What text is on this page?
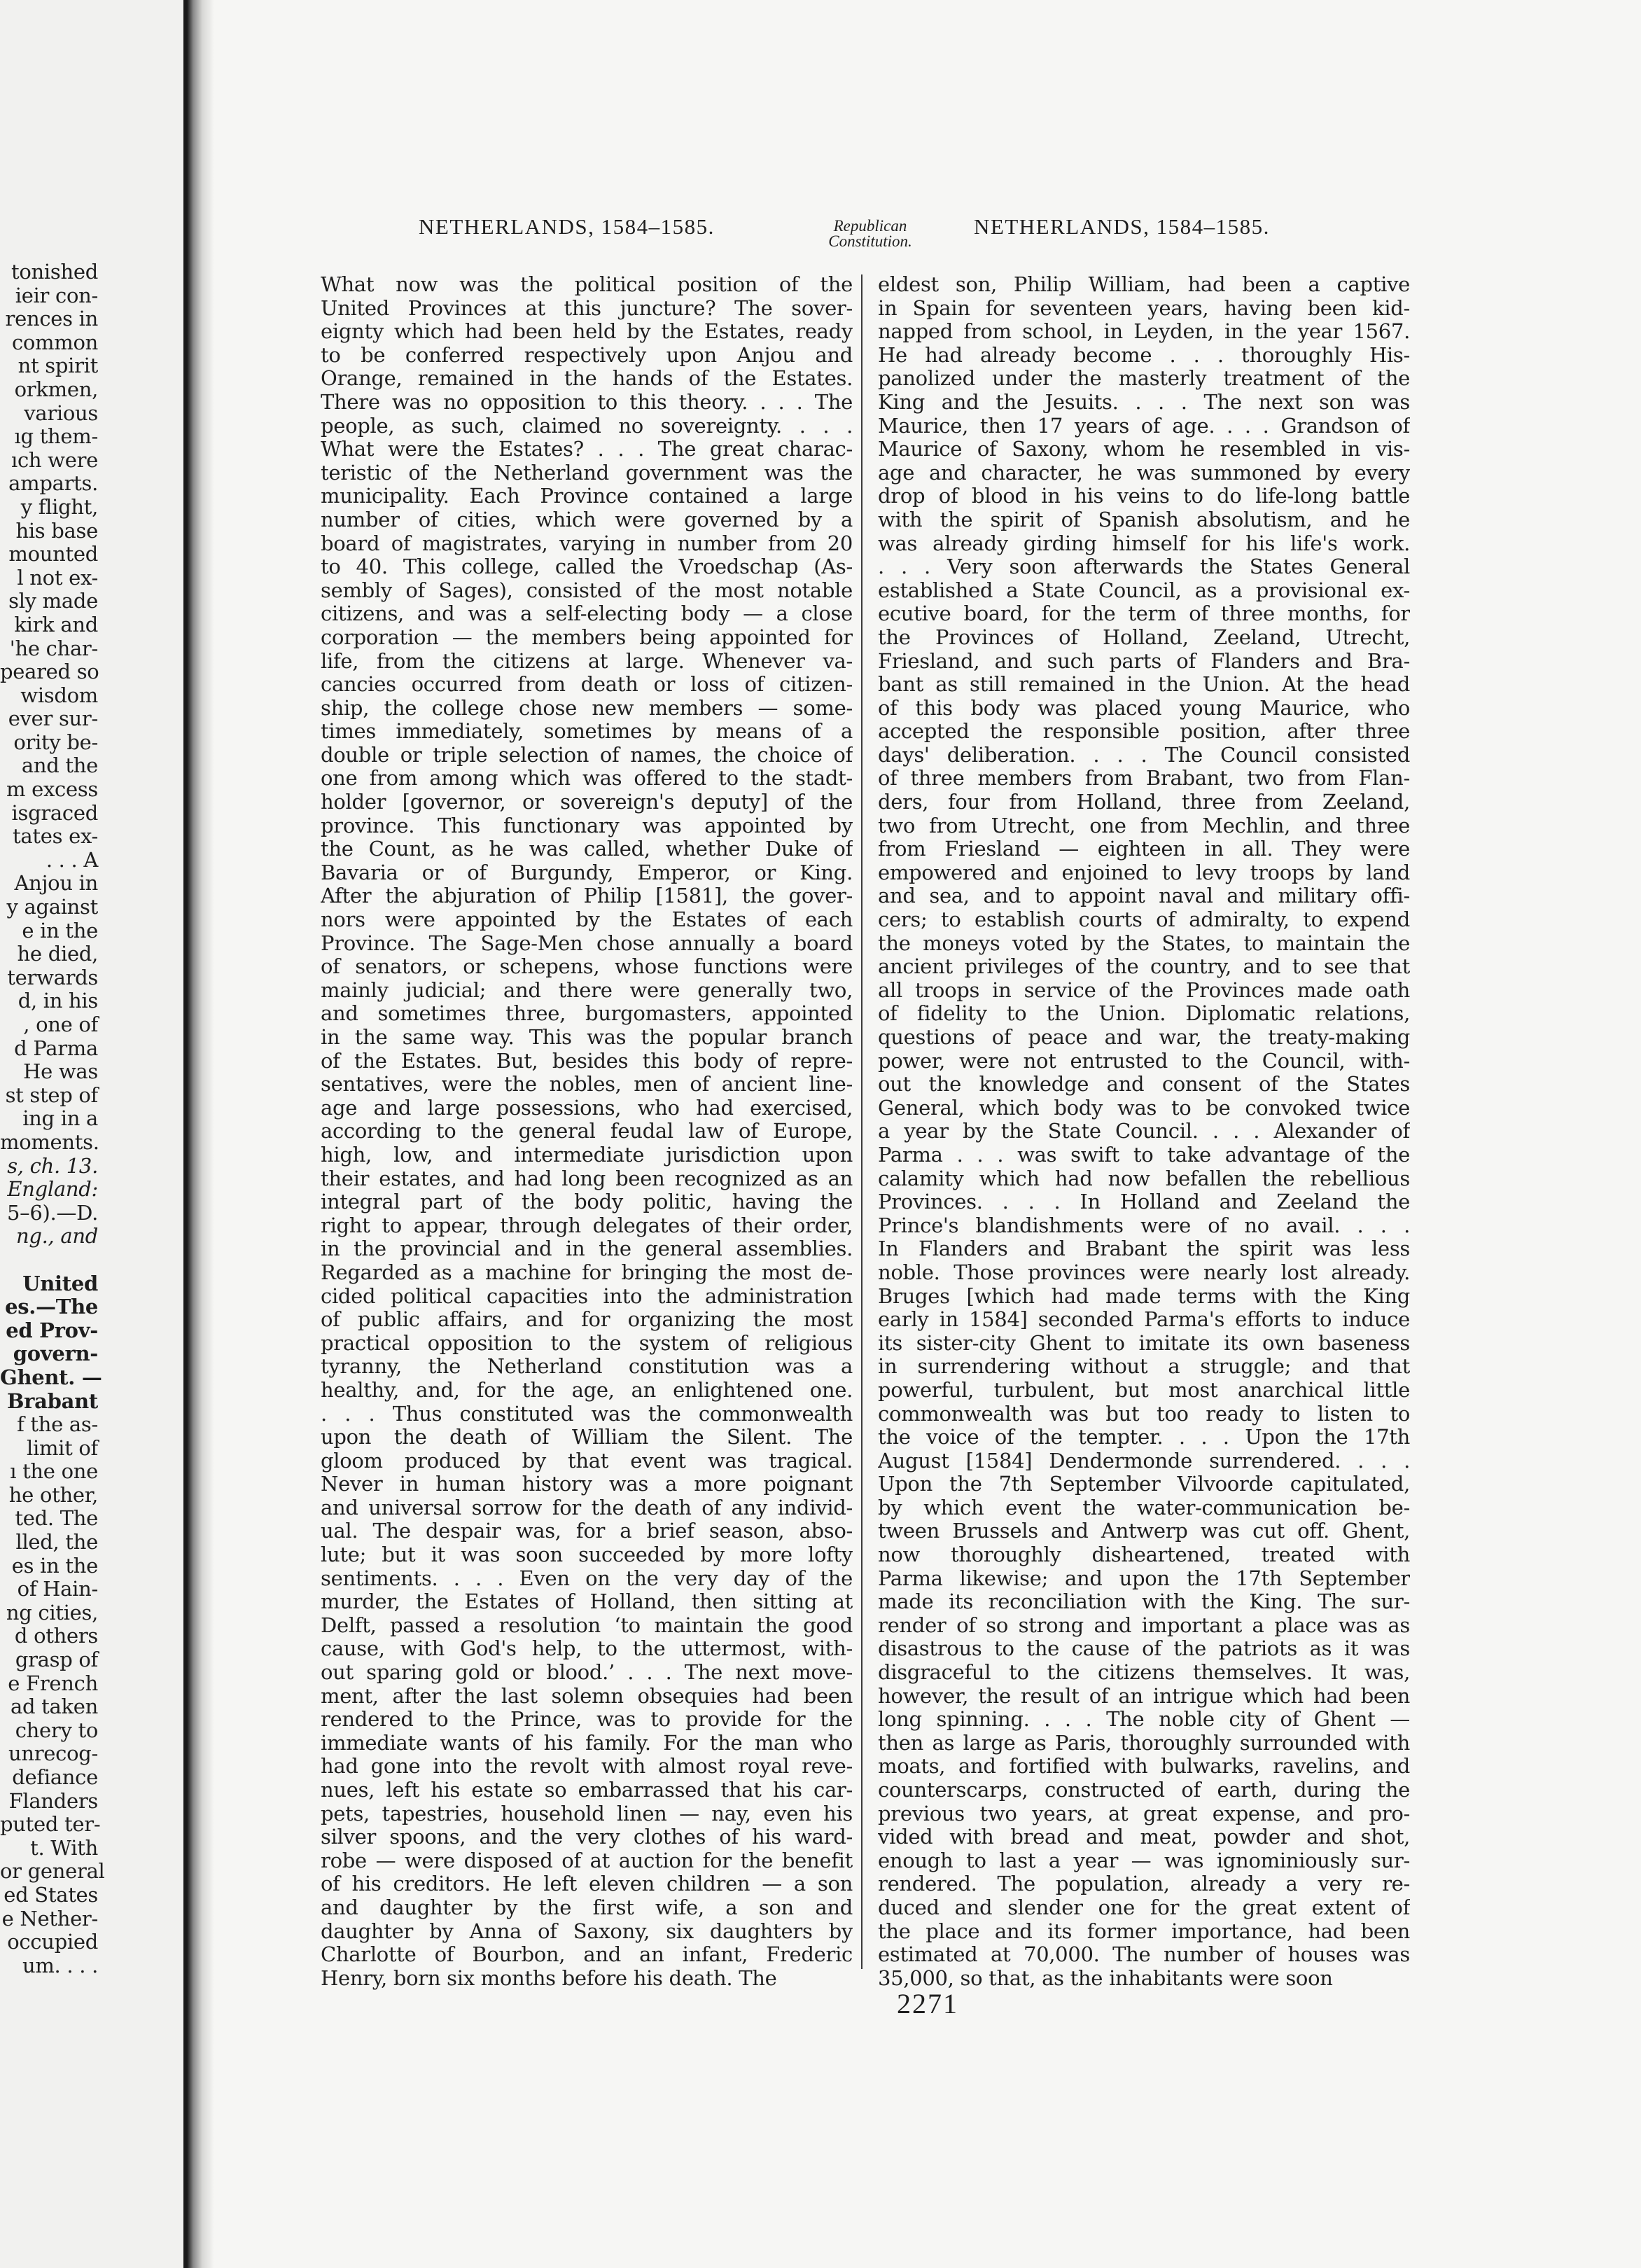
tonished
ieir con-
rences in
common
nt spirit
orkmen,
various
ıg them-
ıch were
amparts.
y flight,
his base
mounted
l not ex-
sly made
kirk and
'he char-
peared so
wisdom
ever sur-
ority be-
and the
m excess
isgraced
tates ex-
. . . A
Anjou in
y against
e in the
he died,
terwards
d, in his
, one of
d Parma
He was
st step of
ing in a
moments.
s, ch. 13.
England:
5–6).—D.
ng., and
United
es.—The
ed Prov-
govern-
Ghent. —
Brabant
f the as-
limit of
ı the one
he other,
ted. The
lled, the
es in the
of Hain-
ng cities,
d others
grasp of
e French
ad taken
chery to
unrecog-
defiance
Flanders
puted ter-
t. With
or general
ed States
e Nether-
occupied
um. . . .
NETHERLANDS, 1584–1585.	Republican
Constitution.
NETHERLANDS, 1584–1585.
What now was the political position of the
United Provinces at this juncture? The sover-
eignty which had been held by the Estates, ready
to be conferred respectively upon Anjou and
Orange, remained in the hands of the Estates.
There was no opposition to this theory. . . . The
people, as such, claimed no sovereignty. . . .
What were the Estates? . . . The great charac-
teristic of the Netherland government was the
municipality. Each Province contained a large
number of cities, which were governed by a
board of magistrates, varying in number from 20
to 40. This college, called the Vroedschap (As-
sembly of Sages), consisted of the most notable
citizens, and was a self-electing body — a close
corporation — the members being appointed for
life, from the citizens at large. Whenever va-
cancies occurred from death or loss of citizen-
ship, the college chose new members — some-
times immediately, sometimes by means of a
double or triple selection of names, the choice of
one from among which was offered to the stadt-
holder [governor, or sovereign's deputy] of the
province. This functionary was appointed by
the Count, as he was called, whether Duke of
Bavaria or of Burgundy, Emperor, or King.
After the abjuration of Philip [1581], the gover-
nors were appointed by the Estates of each
Province. The Sage-Men chose annually a board
of senators, or schepens, whose functions were
mainly judicial; and there were generally two,
and sometimes three, burgomasters, appointed
in the same way. This was the popular branch
of the Estates. But, besides this body of repre-
sentatives, were the nobles, men of ancient line-
age and large possessions, who had exercised,
according to the general feudal law of Europe,
high, low, and intermediate jurisdiction upon
their estates, and had long been recognized as an
integral part of the body politic, having the
right to appear, through delegates of their order,
in the provincial and in the general assemblies.
Regarded as a machine for bringing the most de-
cided political capacities into the administration
of public affairs, and for organizing the most
practical opposition to the system of religious
tyranny, the Netherland constitution was a
healthy, and, for the age, an enlightened one.
. . . Thus constituted was the commonwealth
upon the death of William the Silent. The
gloom produced by that event was tragical.
Never in human history was a more poignant
and universal sorrow for the death of any individ-
ual. The despair was, for a brief season, abso-
lute; but it was soon succeeded by more lofty
sentiments. . . . Even on the very day of the
murder, the Estates of Holland, then sitting at
Delft, passed a resolution ‘to maintain the good
cause, with God's help, to the uttermost, with-
out sparing gold or blood.’ . . . The next move-
ment, after the last solemn obsequies had been
rendered to the Prince, was to provide for the
immediate wants of his family. For the man who
had gone into the revolt with almost royal reve-
nues, left his estate so embarrassed that his car-
pets, tapestries, household linen — nay, even his
silver spoons, and the very clothes of his ward-
robe — were disposed of at auction for the benefit
of his creditors. He left eleven children — a son
and daughter by the first wife, a son and
daughter by Anna of Saxony, six daughters by
Charlotte of Bourbon, and an infant, Frederic
Henry, born six months before his death. The
eldest son, Philip William, had been a captive
in Spain for seventeen years, having been kid-
napped from school, in Leyden, in the year 1567.
He had already become . . . thoroughly His-
panolized under the masterly treatment of the
King and the Jesuits. . . . The next son was
Maurice, then 17 years of age. . . . Grandson of
Maurice of Saxony, whom he resembled in vis-
age and character, he was summoned by every
drop of blood in his veins to do life-long battle
with the spirit of Spanish absolutism, and he
was already girding himself for his life's work.
. . . Very soon afterwards the States General
established a State Council, as a provisional ex-
ecutive board, for the term of three months, for
the Provinces of Holland, Zeeland, Utrecht,
Friesland, and such parts of Flanders and Bra-
bant as still remained in the Union. At the head
of this body was placed young Maurice, who
accepted the responsible position, after three
days' deliberation. . . . The Council consisted
of three members from Brabant, two from Flan-
ders, four from Holland, three from Zeeland,
two from Utrecht, one from Mechlin, and three
from Friesland — eighteen in all. They were
empowered and enjoined to levy troops by land
and sea, and to appoint naval and military offi-
cers; to establish courts of admiralty, to expend
the moneys voted by the States, to maintain the
ancient privileges of the country, and to see that
all troops in service of the Provinces made oath
of fidelity to the Union. Diplomatic relations,
questions of peace and war, the treaty-making
power, were not entrusted to the Council, with-
out the knowledge and consent of the States
General, which body was to be convoked twice
a year by the State Council. . . . Alexander of
Parma . . . was swift to take advantage of the
calamity which had now befallen the rebellious
Provinces. . . . In Holland and Zeeland the
Prince's blandishments were of no avail. . . .
In Flanders and Brabant the spirit was less
noble. Those provinces were nearly lost already.
Bruges [which had made terms with the King
early in 1584] seconded Parma's efforts to induce
its sister-city Ghent to imitate its own baseness
in surrendering without a struggle; and that
powerful, turbulent, but most anarchical little
commonwealth was but too ready to listen to
the voice of the tempter. . . . Upon the 17th
August [1584] Dendermonde surrendered. . . .
Upon the 7th September Vilvoorde capitulated,
by which event the water-communication be-
tween Brussels and Antwerp was cut off. Ghent,
now thoroughly disheartened, treated with
Parma likewise; and upon the 17th September
made its reconciliation with the King. The sur-
render of so strong and important a place was as
disastrous to the cause of the patriots as it was
disgraceful to the citizens themselves. It was,
however, the result of an intrigue which had been
long spinning. . . . The noble city of Ghent —
then as large as Paris, thoroughly surrounded with
moats, and fortified with bulwarks, ravelins, and
counterscarps, constructed of earth, during the
previous two years, at great expense, and pro-
vided with bread and meat, powder and shot,
enough to last a year — was ignominiously sur-
rendered. The population, already a very re-
duced and slender one for the great extent of
the place and its former importance, had been
estimated at 70,000. The number of houses was
35,000, so that, as the inhabitants were soon
2271
